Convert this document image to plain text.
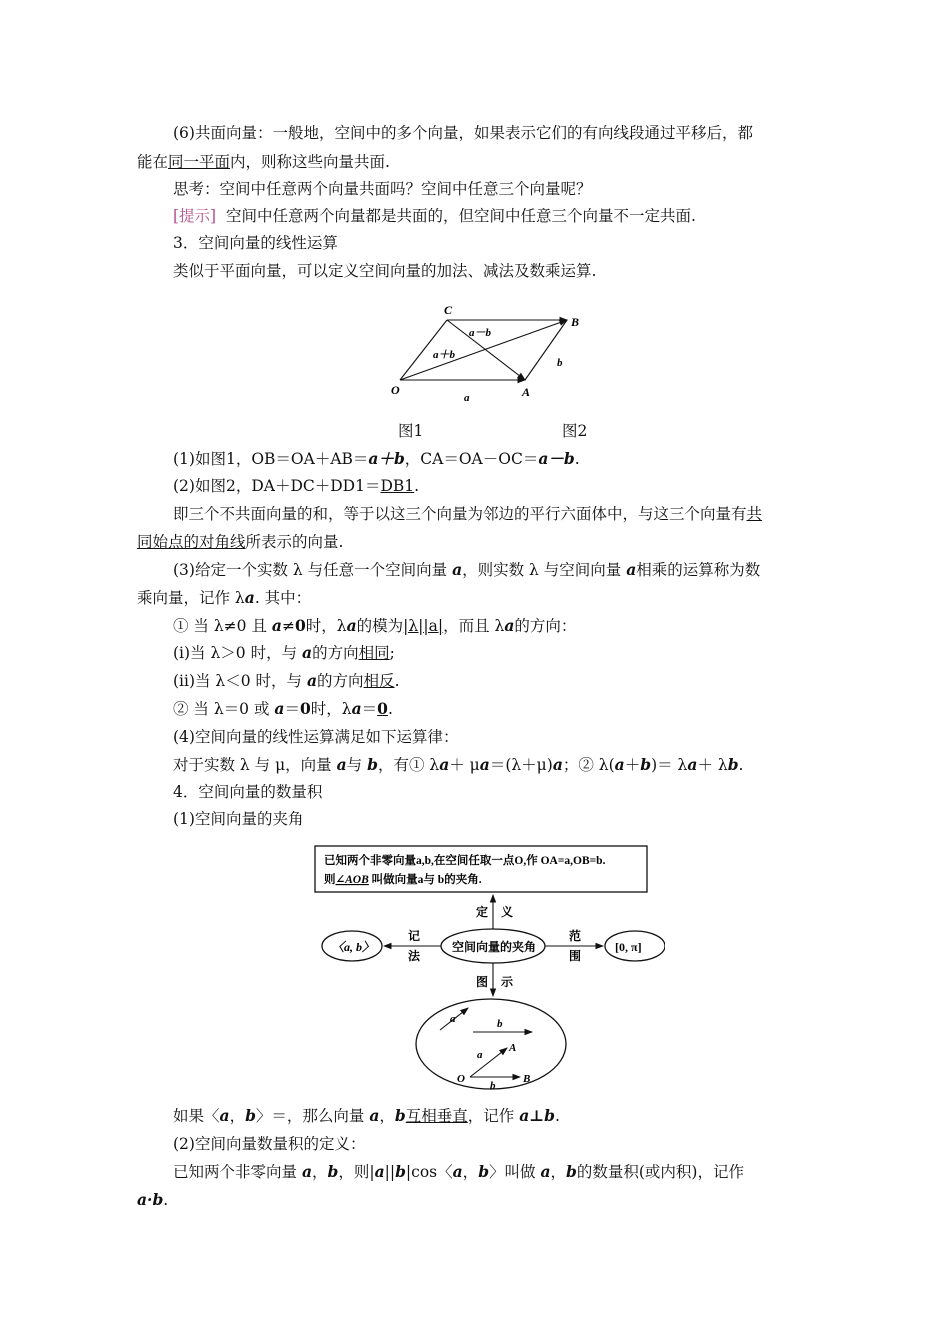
(6)共面向量：一般地，空间中的多个向量，如果表示它们的有向线段通过平移后，都
能在同一平面内，则称这些向量共面.
思考：空间中任意两个向量共面吗？空间中任意三个向量呢？
[提示] 空间中任意两个向量都是共面的，但空间中任意三个向量不一定共面.
3．空间向量的线性运算
类似于平面向量，可以定义空间向量的加法、减法及数乘运算.
C
B
O	A
a－b
a＋b
b
a
图1	图2
(1)如图1，OB＝OA＋AB＝a＋b，CA＝OA－OC＝a－b.
(2)如图2，DA＋DC＋DD1＝DB1.
即三个不共面向量的和，等于以这三个向量为邻边的平行六面体中，与这三个向量有共
同始点的对角线所表示的向量.
(3)给定一个实数 λ 与任意一个空间向量 a，则实数 λ 与空间向量 a相乘的运算称为数
乘向量，记作 λa. 其中：
① 当 λ≠0 且 a≠0时，λa的模为|λ||a|，而且 λa的方向：
(ⅰ)当 λ＞0 时，与 a的方向相同;
(ⅱ)当 λ＜0 时，与 a的方向相反.
② 当 λ＝0 或 a＝0时，λa＝0.
(4)空间向量的线性运算满足如下运算律：
对于实数 λ 与 μ，向量 a与 b，有① λa＋ μa＝(λ＋μ)a；② λ(a＋b)＝ λa＋ λb.
4．空间向量的数量积
(1)空间向量的夹角
已知两个非零向量a,b,在空间任取一点O,作 OA=a,OB=b.
则∠AOB 叫做向量a与 b的夹角.
定 义
空间向量的夹角
〈a, b〉
记
法
[0, π]
范
围
图 示
a	b
a
A
O
b
B
如果〈a，b〉＝，那么向量 a，b互相垂直，记作 a⊥b.
(2)空间向量数量积的定义：
已知两个非零向量 a，b，则|a||b|cos〈a，b〉叫做 a，b的数量积(或内积)，记作
a·b.
